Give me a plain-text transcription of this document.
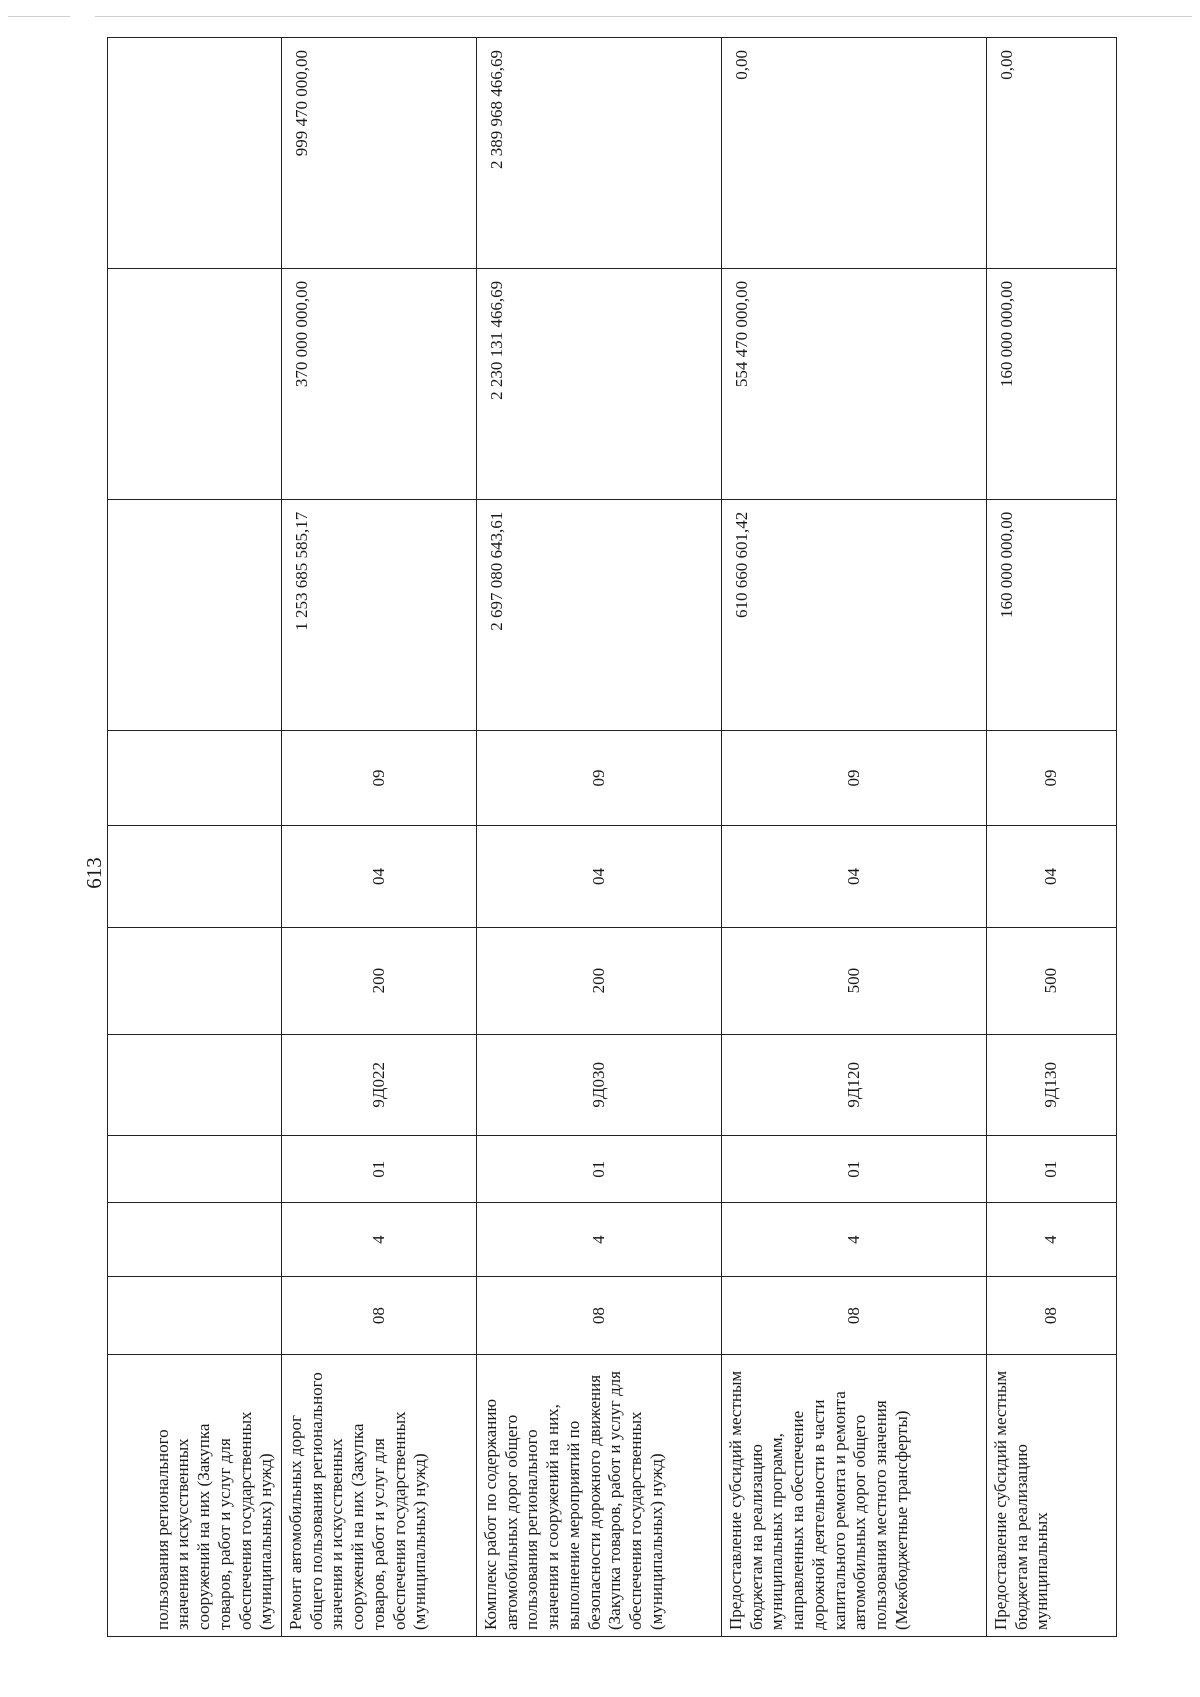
613
пользования регионального значения и искусственных сооружений на них (Закупка товаров, работ и услуг для обеспечения государственных (муниципальных) нужд)										

Ремонт автомобильных дорог общего пользования регионального значения и искусственных сооружений на них (Закупка товаров, работ и услуг для обеспечения государственных (муниципальных) нужд)	08	4	01	9Д022	200	04	09	1 253 685 585,17	370 000 000,00	999 470 000,00
Комплекс работ по содержанию автомобильных дорог общего пользования регионального значения и сооружений на них, выполнение мероприятий по безопасности дорожного движения (Закупка товаров, работ и услуг для обеспечения государственных (муниципальных) нужд)	08	4	01	9Д030	200	04	09	2 697 080 643,61	2 230 131 466,69	2 389 968 466,69
Предоставление субсидий местным бюджетам на реализацию муниципальных программ, направленных на обеспечение дорожной деятельности в части капитального ремонта и ремонта автомобильных дорог общего пользования местного значения (Межбюджетные трансферты)	08	4	01	9Д120	500	04	09	610 660 601,42	554 470 000,00	0,00

Предоставление субсидий местным бюджетам на реализацию муниципальных	08	4	01	9Д130	500	04	09	160 000 000,00	160 000 000,00	0,00
